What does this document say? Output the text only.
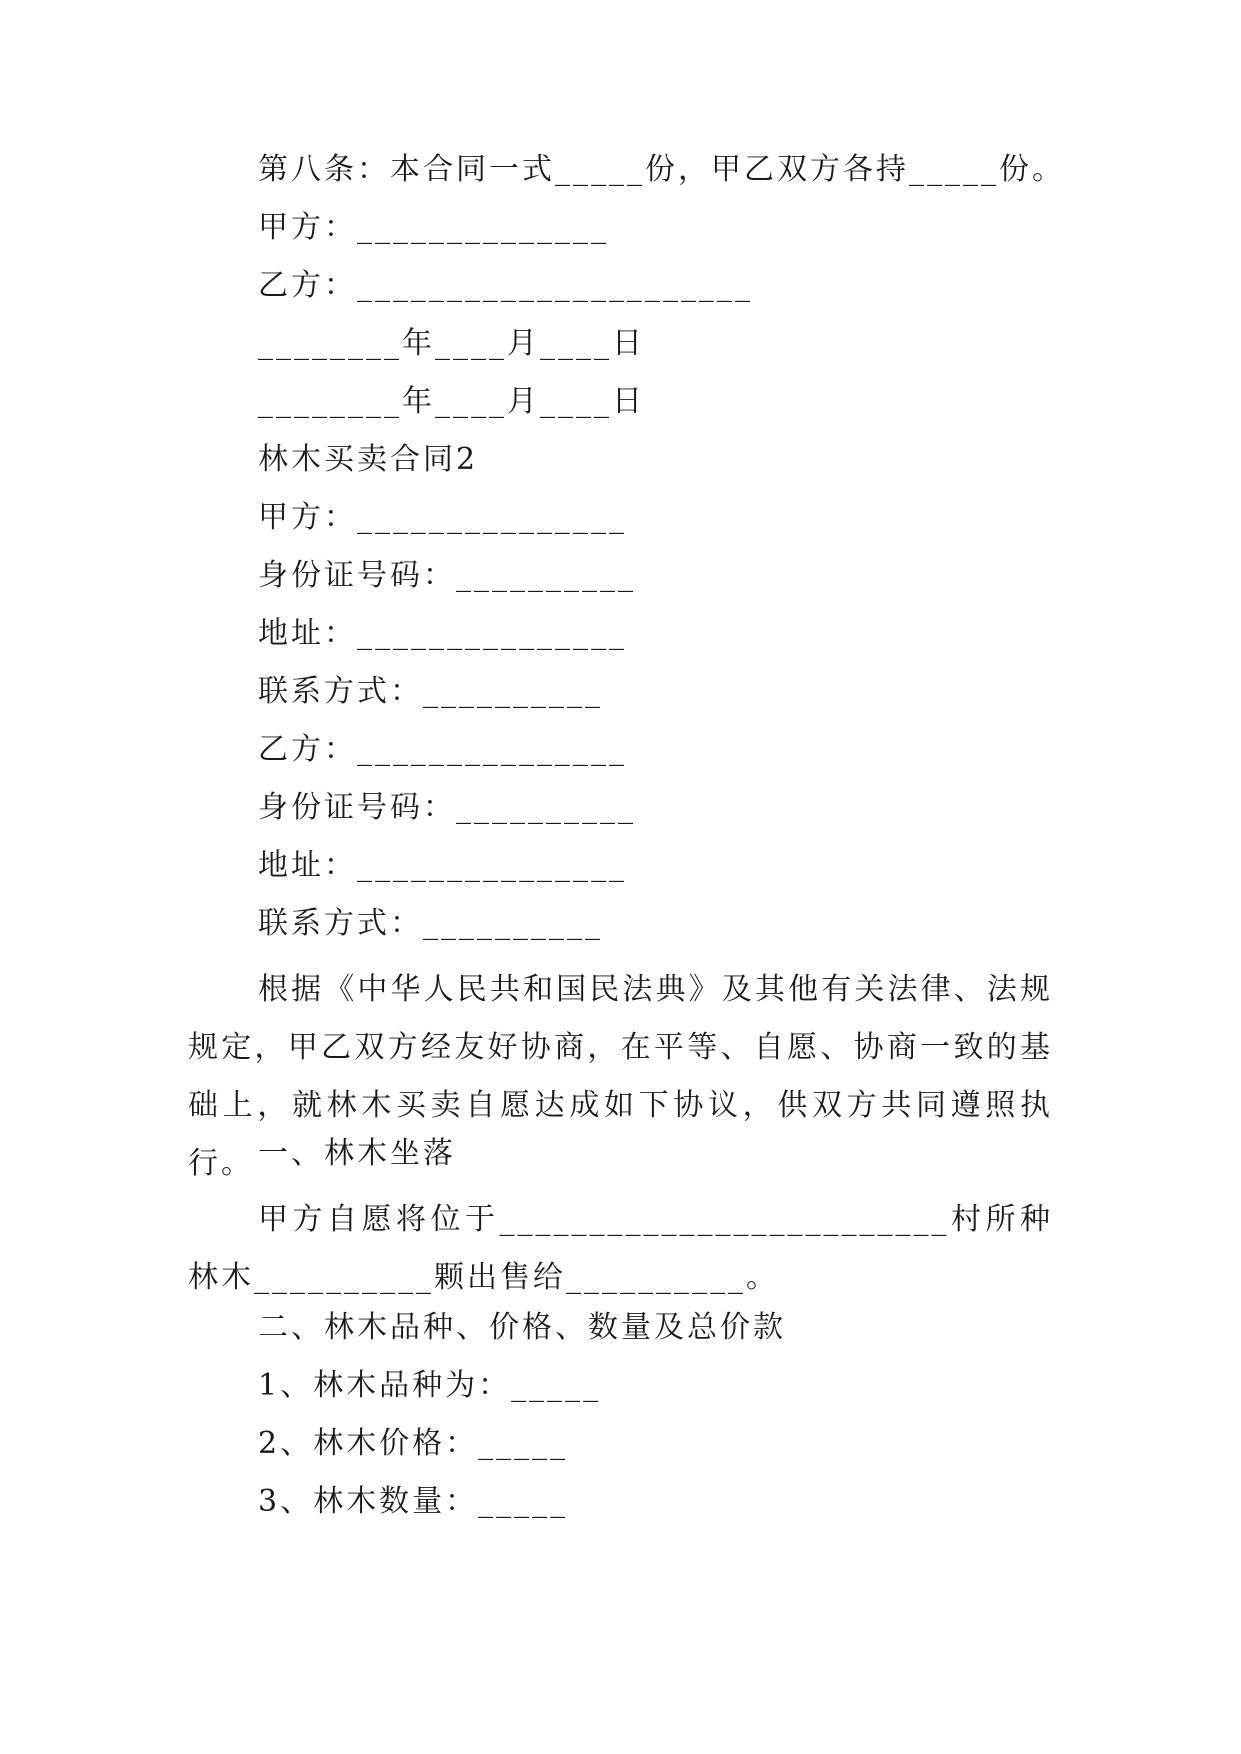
第八条：本合同一式_____份，甲乙双方各持_____份。

甲方：______________

乙方：______________________

________年____月____日

________年____月____日

林木买卖合同2

甲方：_______________

身份证号码：__________

地址：_______________

联系方式：__________

乙方：_______________

身份证号码：__________

地址：_______________

联系方式：__________

根据《中华人民共和国民法典》及其他有关法律、法规规定，甲乙双方经友好协商，在平等、自愿、协商一致的基础上，就林木买卖自愿达成如下协议，供双方共同遵照执行。 一、林木坐落

甲方自愿将位于_________________________村所种林木__________颗出售给__________。

二、林木品种、价格、数量及总价款

1、林木品种为：_____

2、林木价格：_____

3、林木数量：_____
